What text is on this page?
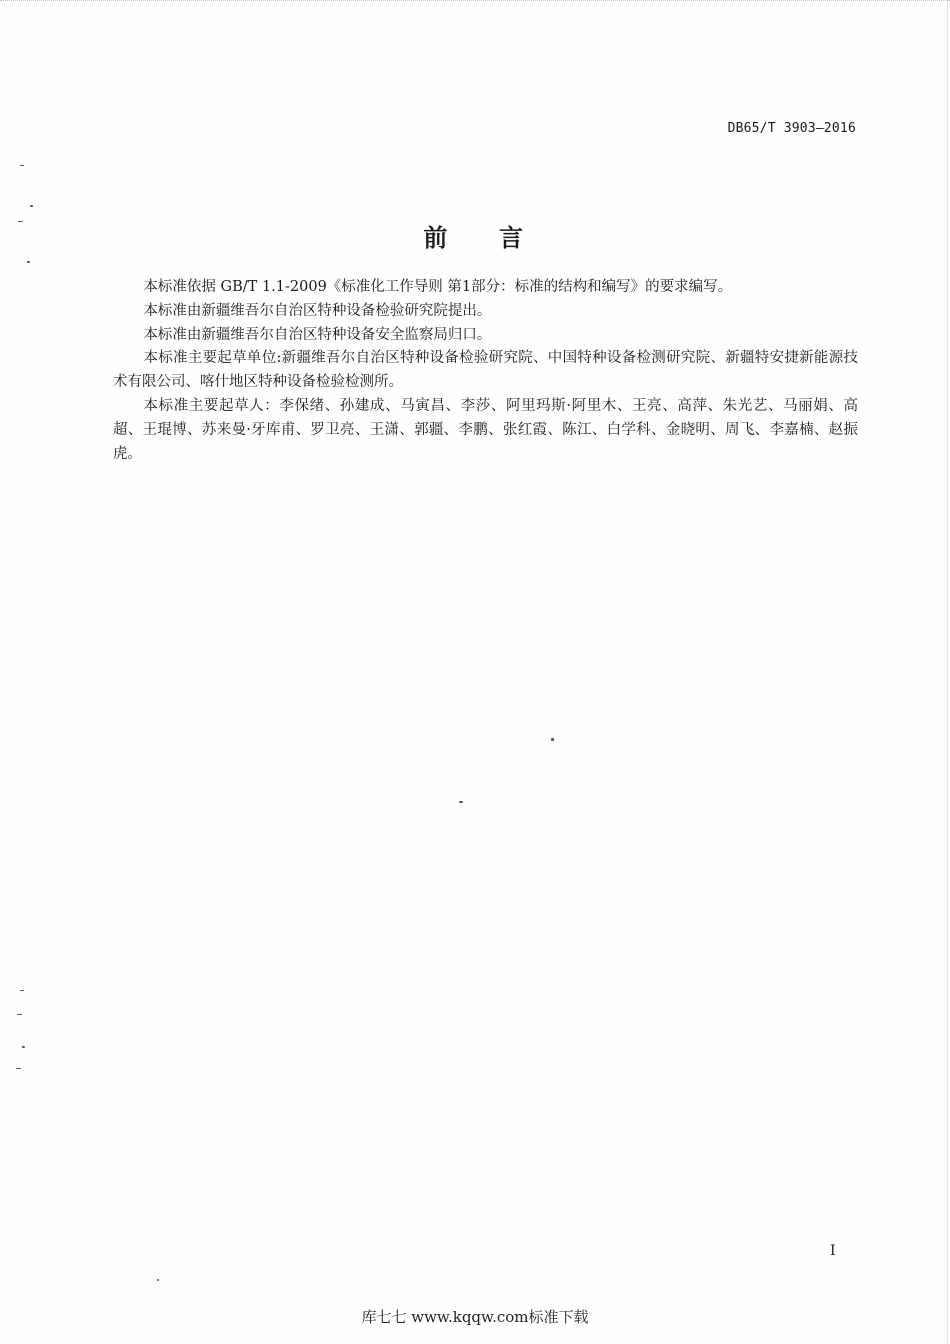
DB65/T 3903—2016
前 言

本标准依据 GB/T 1.1-2009《标准化工作导则 第1部分：标准的结构和编写》的要求编写。

本标准由新疆维吾尔自治区特种设备检验研究院提出。

本标准由新疆维吾尔自治区特种设备安全监察局归口。

本标准主要起草单位:新疆维吾尔自治区特种设备检验研究院、中国特种设备检测研究院、新疆特安捷新能源技术有限公司、喀什地区特种设备检验检测所。

本标准主要起草人：李保绪、孙建成、马寅昌、李莎、阿里玛斯·阿里木、王亮、高萍、朱光艺、马丽娟、高超、王琨博、苏来曼·牙库甫、罗卫亮、王潇、郭疆、李鹏、张红霞、陈江、白学科、金晓明、周飞、李嘉楠、赵振虎。

I
库七七 www.kqqw.com标准下载
